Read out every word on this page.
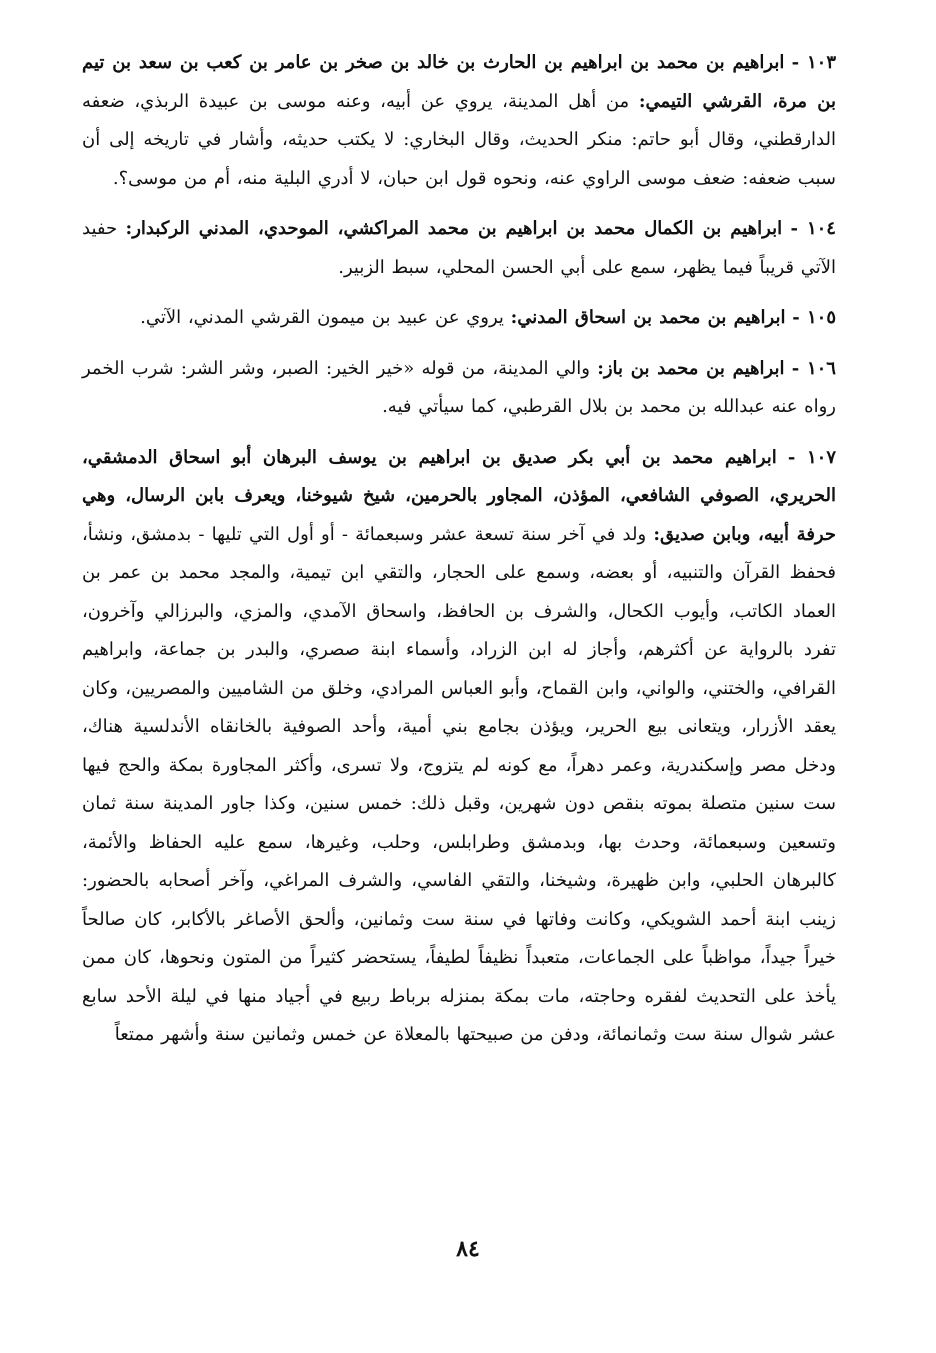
١٠٣ - ابراهيم بن محمد بن ابراهيم بن الحارث بن خالد بن صخر بن عامر بن كعب بن سعد بن تيم بن مرة، القرشي التيمي: من أهل المدينة، يروي عن أبيه، وعنه موسى بن عبيدة الربذي، ضعفه الدارقطني، وقال أبو حاتم: منكر الحديث، وقال البخاري: لا يكتب حديثه، وأشار في تاريخه إلى أن سبب ضعفه: ضعف موسى الراوي عنه، ونحوه قول ابن حبان، لا أدري البلية منه، أم من موسى؟.

١٠٤ - ابراهيم بن الكمال محمد بن ابراهيم بن محمد المراكشي، الموحدي، المدني الركبدار: حفيد الآتي قريباً فيما يظهر، سمع على أبي الحسن المحلي، سبط الزبير.

١٠٥ - ابراهيم بن محمد بن اسحاق المدني: يروي عن عبيد بن ميمون القرشي المدني، الآتي.

١٠٦ - ابراهيم بن محمد بن باز: والي المدينة، من قوله «خير الخير: الصبر، وشر الشر: شرب الخمر رواه عنه عبدالله بن محمد بن بلال القرطبي، كما سيأتي فيه.

١٠٧ - ابراهيم محمد بن أبي بكر صديق بن ابراهيم بن يوسف البرهان أبو اسحاق الدمشقي، الحريري، الصوفي الشافعي، المؤذن، المجاور بالحرمين، شيخ شيوخنا، ويعرف بابن الرسال، وهي حرفة أبيه، وبابن صديق: ولد في آخر سنة تسعة عشر وسبعمائة - أو أول التي تليها - بدمشق، ونشأ، فحفظ القرآن والتنبيه، أو بعضه، وسمع على الحجار، والتقي ابن تيمية، والمجد محمد بن عمر بن العماد الكاتب، وأيوب الكحال، والشرف بن الحافظ، واسحاق الآمدي، والمزي، والبرزالي وآخرون، تفرد بالرواية عن أكثرهم، وأجاز له ابن الزراد، وأسماء ابنة صصري، والبدر بن جماعة، وابراهيم القرافي، والختني، والواني، وابن القماح، وأبو العباس المرادي، وخلق من الشاميين والمصريين، وكان يعقد الأزرار، ويتعانى بيع الحرير، ويؤذن بجامع بني أمية، وأحد الصوفية بالخانقاه الأندلسية هناك، ودخل مصر وإسكندرية، وعمر دهراً، مع كونه لم يتزوج، ولا تسرى، وأكثر المجاورة بمكة والحج فيها ست سنين متصلة بموته بنقص دون شهرين، وقبل ذلك: خمس سنين، وكذا جاور المدينة سنة ثمان وتسعين وسبعمائة، وحدث بها، وبدمشق وطرابلس، وحلب، وغيرها، سمع عليه الحفاظ والأئمة، كالبرهان الحلبي، وابن ظهيرة، وشيخنا، والتقي الفاسي، والشرف المراغي، وآخر أصحابه بالحضور: زينب ابنة أحمد الشويكي، وكانت وفاتها في سنة ست وثمانين، وألحق الأصاغر بالأكابر، كان صالحاً خيراً جيداً، مواظباً على الجماعات، متعبداً نظيفاً لطيفاً، يستحضر كثيراً من المتون ونحوها، كان ممن يأخذ على التحديث لفقره وحاجته، مات بمكة بمنزله برباط ربيع في أجياد منها في ليلة الأحد سابع عشر شوال سنة ست وثمانمائة، ودفن من صبيحتها بالمعلاة عن خمس وثمانين سنة وأشهر ممتعاً

٨٤
